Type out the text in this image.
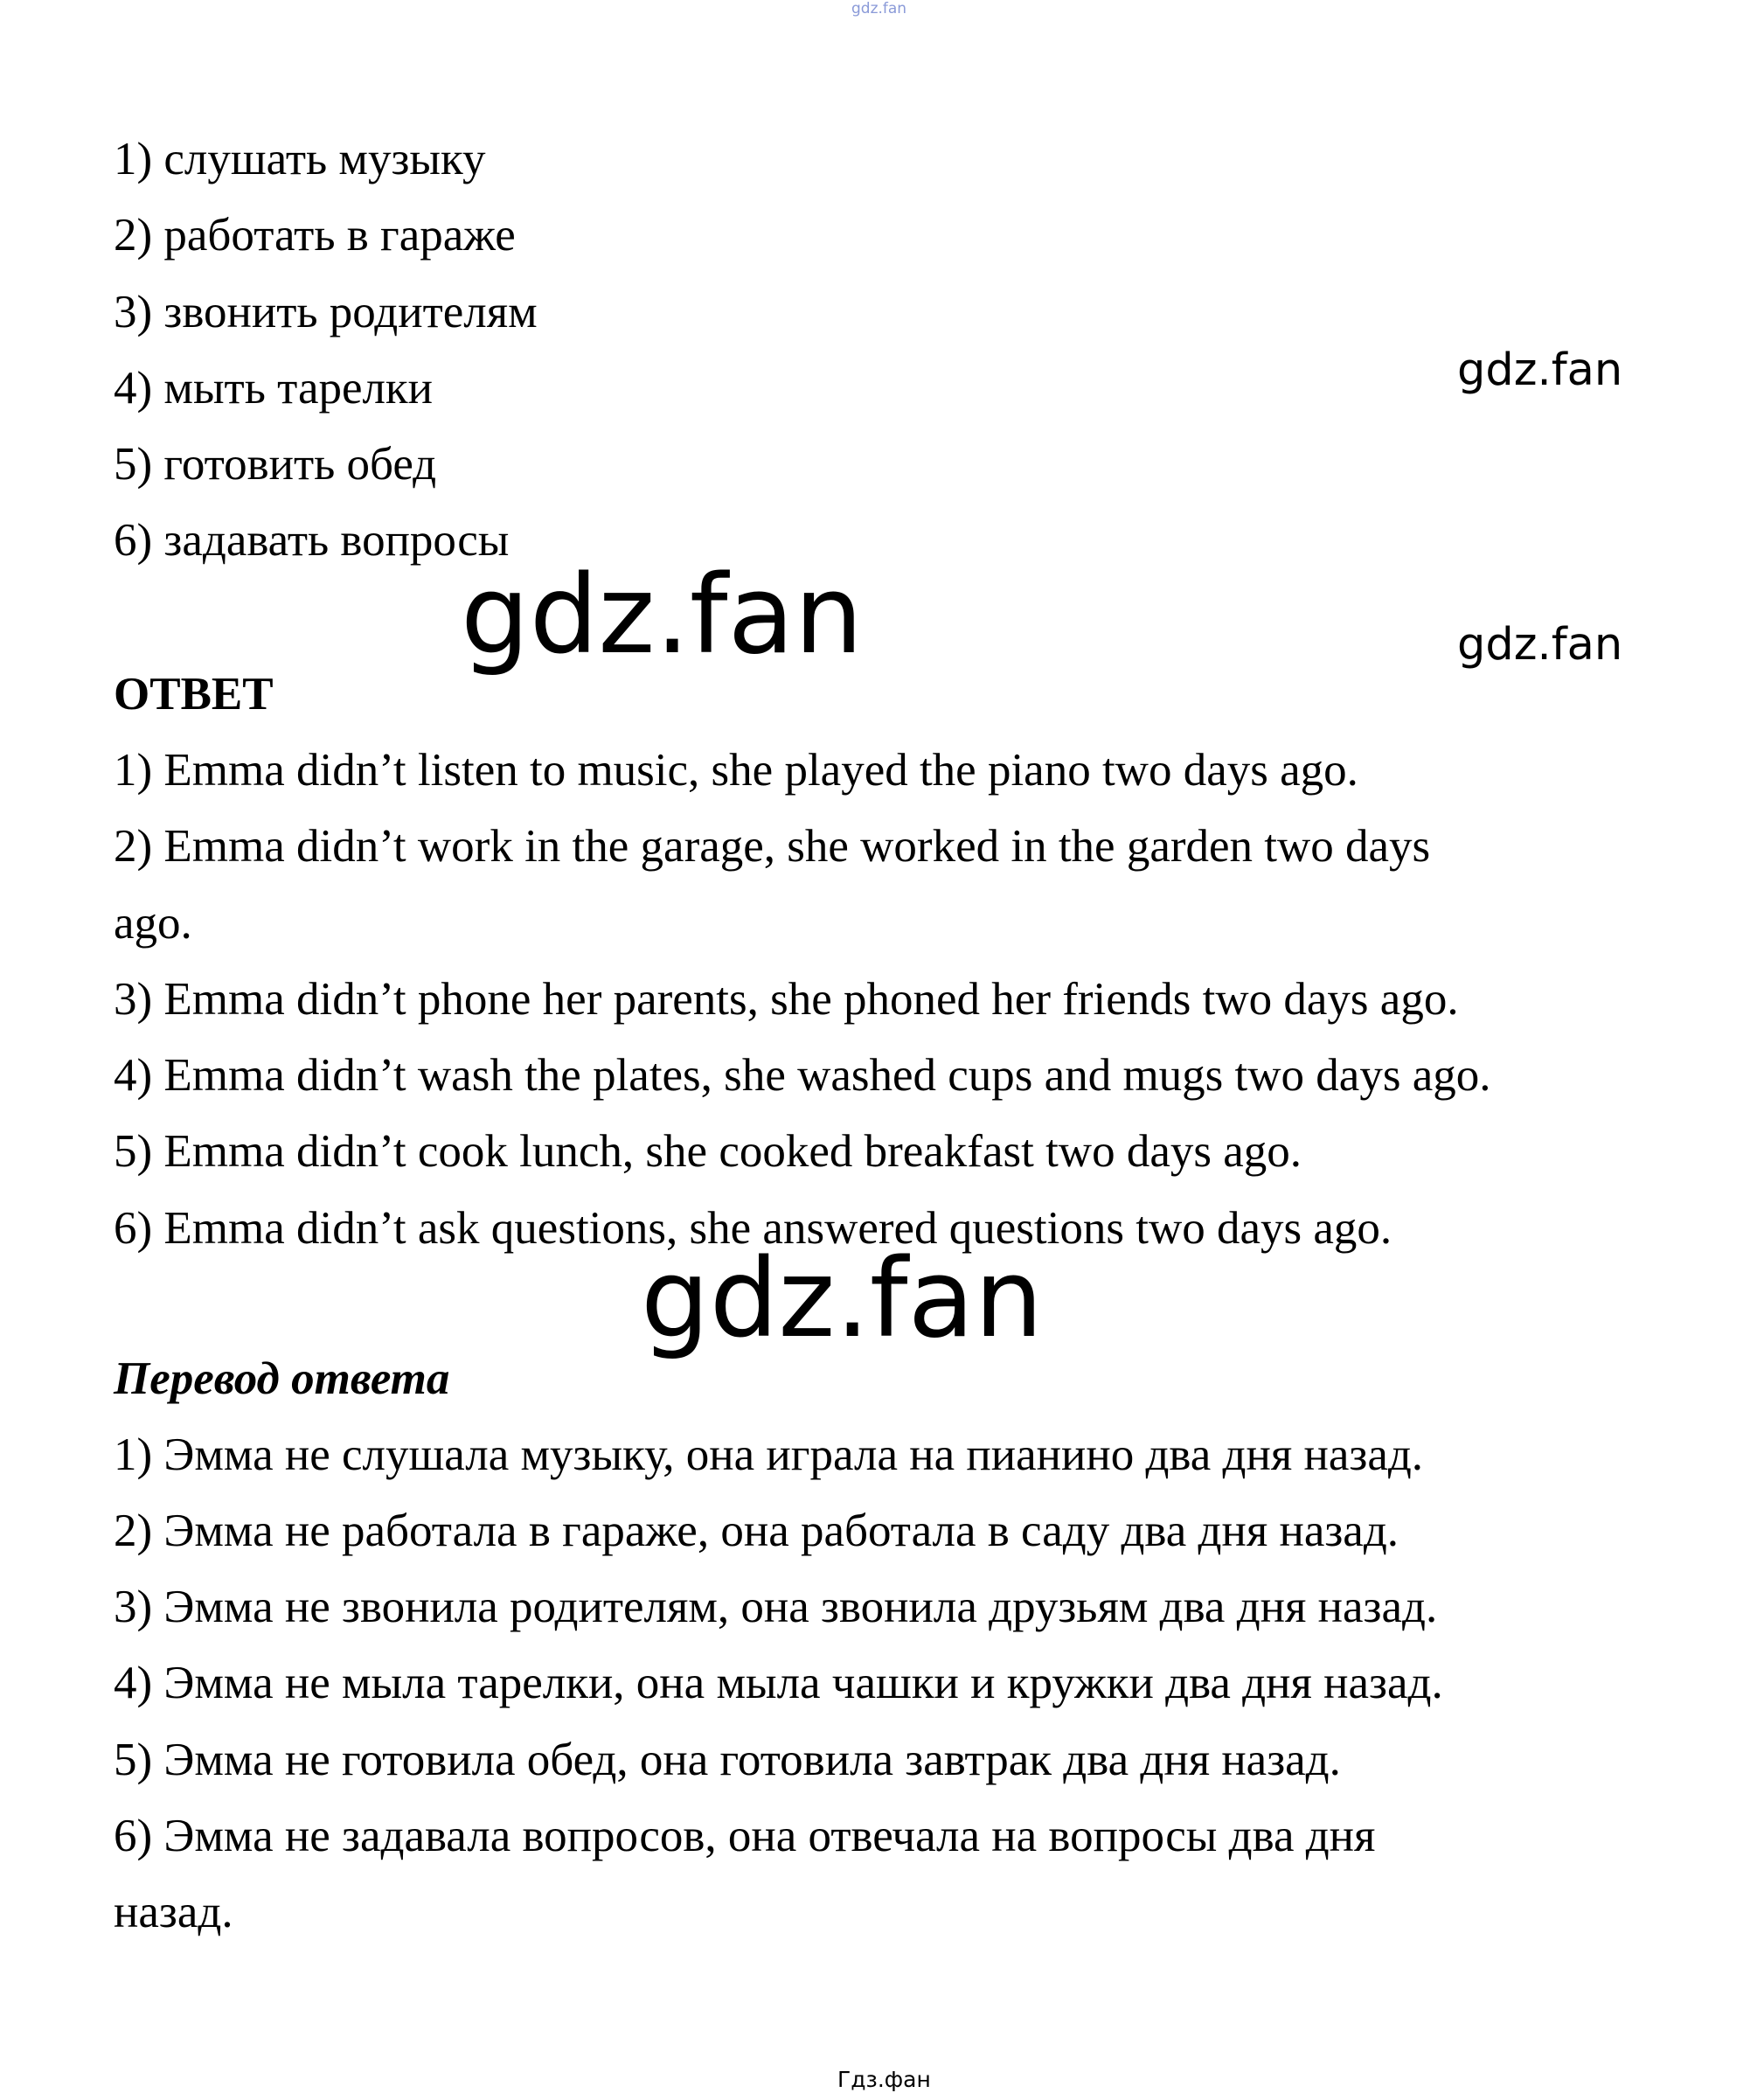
gdz.fan
gdz.fan
gdz.fan	gdz.fan
gdz.fan
Гдз.фан
1) слушать музыку
2) работать в гараже
3) звонить родителям
4) мыть тарелки
5) готовить обед
6) задавать вопросы
ОТВЕТ
1) Emma didn’t listen to music, she played the piano two days ago.
2) Emma didn’t work in the garage, she worked in the garden two days
ago.
3) Emma didn’t phone her parents, she phoned her friends two days ago.
4) Emma didn’t wash the plates, she washed cups and mugs two days ago.
5) Emma didn’t cook lunch, she cooked breakfast two days ago.
6) Emma didn’t ask questions, she answered questions two days ago.
Перевод ответа
1) Эмма не слушала музыку, она играла на пианино два дня назад.
2) Эмма не работала в гараже, она работала в саду два дня назад.
3) Эмма не звонила родителям, она звонила друзьям два дня назад.
4) Эмма не мыла тарелки, она мыла чашки и кружки два дня назад.
5) Эмма не готовила обед, она готовила завтрак два дня назад.
6) Эмма не задавала вопросов, она отвечала на вопросы два дня
назад.
